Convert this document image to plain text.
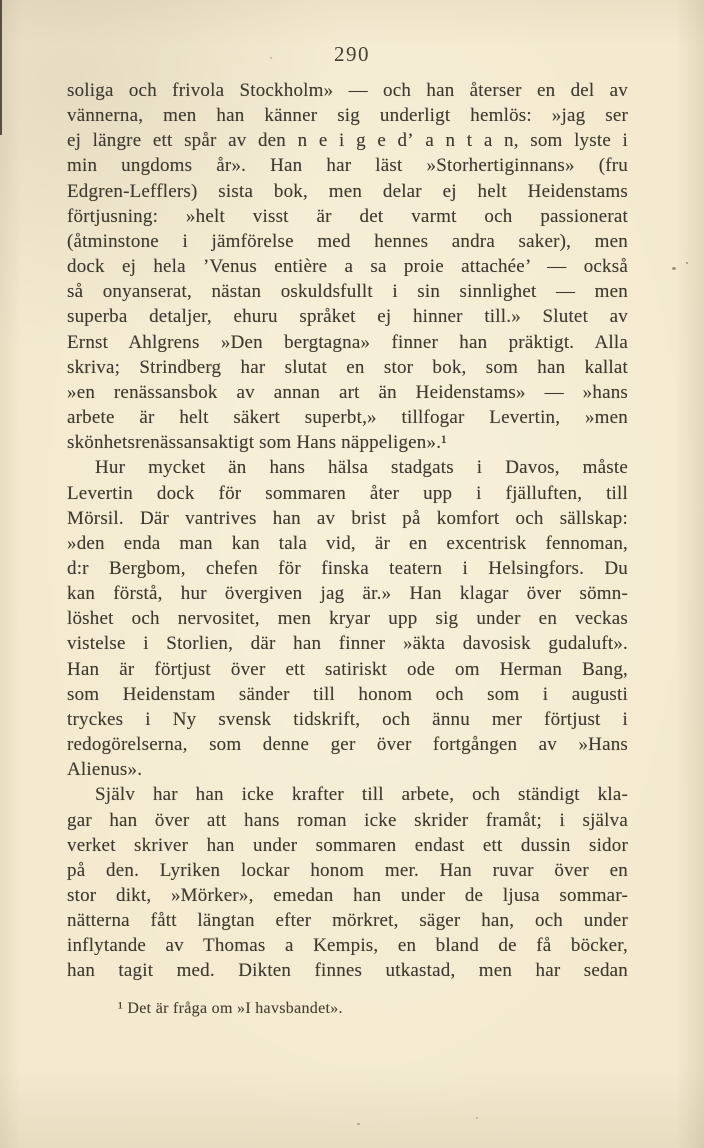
290
soliga och frivola Stockholm» — och han återser en del av
vännerna, men han känner sig underligt hemlös: »jag ser
ej längre ett spår av den n e i g e d’ a n t a n, som lyste i
min ungdoms år». Han har läst »Storhertiginnans» (fru
Edgren-Lefflers) sista bok, men delar ej helt Heidenstams
förtjusning: »helt visst är det varmt och passionerat
(åtminstone i jämförelse med hennes andra saker), men
dock ej hela ’Venus entière a sa proie attachée’ — också
så onyanserat, nästan oskuldsfullt i sin sinnlighet — men
superba detaljer, ehuru språket ej hinner till.» Slutet av
Ernst Ahlgrens »Den bergtagna» finner han präktigt. Alla
skriva; Strindberg har slutat en stor bok, som han kallat
»en renässansbok av annan art än Heidenstams» — »hans
arbete är helt säkert superbt,» tillfogar Levertin, »men
skönhetsrenässansaktigt som Hans näppeligen».¹
Hur mycket än hans hälsa stadgats i Davos, måste
Levertin dock för sommaren åter upp i fjälluften, till
Mörsil. Där vantrives han av brist på komfort och sällskap:
»den enda man kan tala vid, är en excentrisk fennoman,
d:r Bergbom, chefen för finska teatern i Helsingfors. Du
kan förstå, hur övergiven jag är.» Han klagar över sömn-
löshet och nervositet, men kryar upp sig under en veckas
vistelse i Storlien, där han finner »äkta davosisk gudaluft».
Han är förtjust över ett satiriskt ode om Herman Bang,
som Heidenstam sänder till honom och som i augusti
tryckes i Ny svensk tidskrift, och ännu mer förtjust i
redogörelserna, som denne ger över fortgången av »Hans
Alienus».
Själv har han icke krafter till arbete, och ständigt kla-
gar han över att hans roman icke skrider framåt; i själva
verket skriver han under sommaren endast ett dussin sidor
på den. Lyriken lockar honom mer. Han ruvar över en
stor dikt, »Mörker», emedan han under de ljusa sommar-
nätterna fått längtan efter mörkret, säger han, och under
inflytande av Thomas a Kempis, en bland de få böcker,
han tagit med. Dikten finnes utkastad, men har sedan
¹ Det är fråga om »I havsbandet».
